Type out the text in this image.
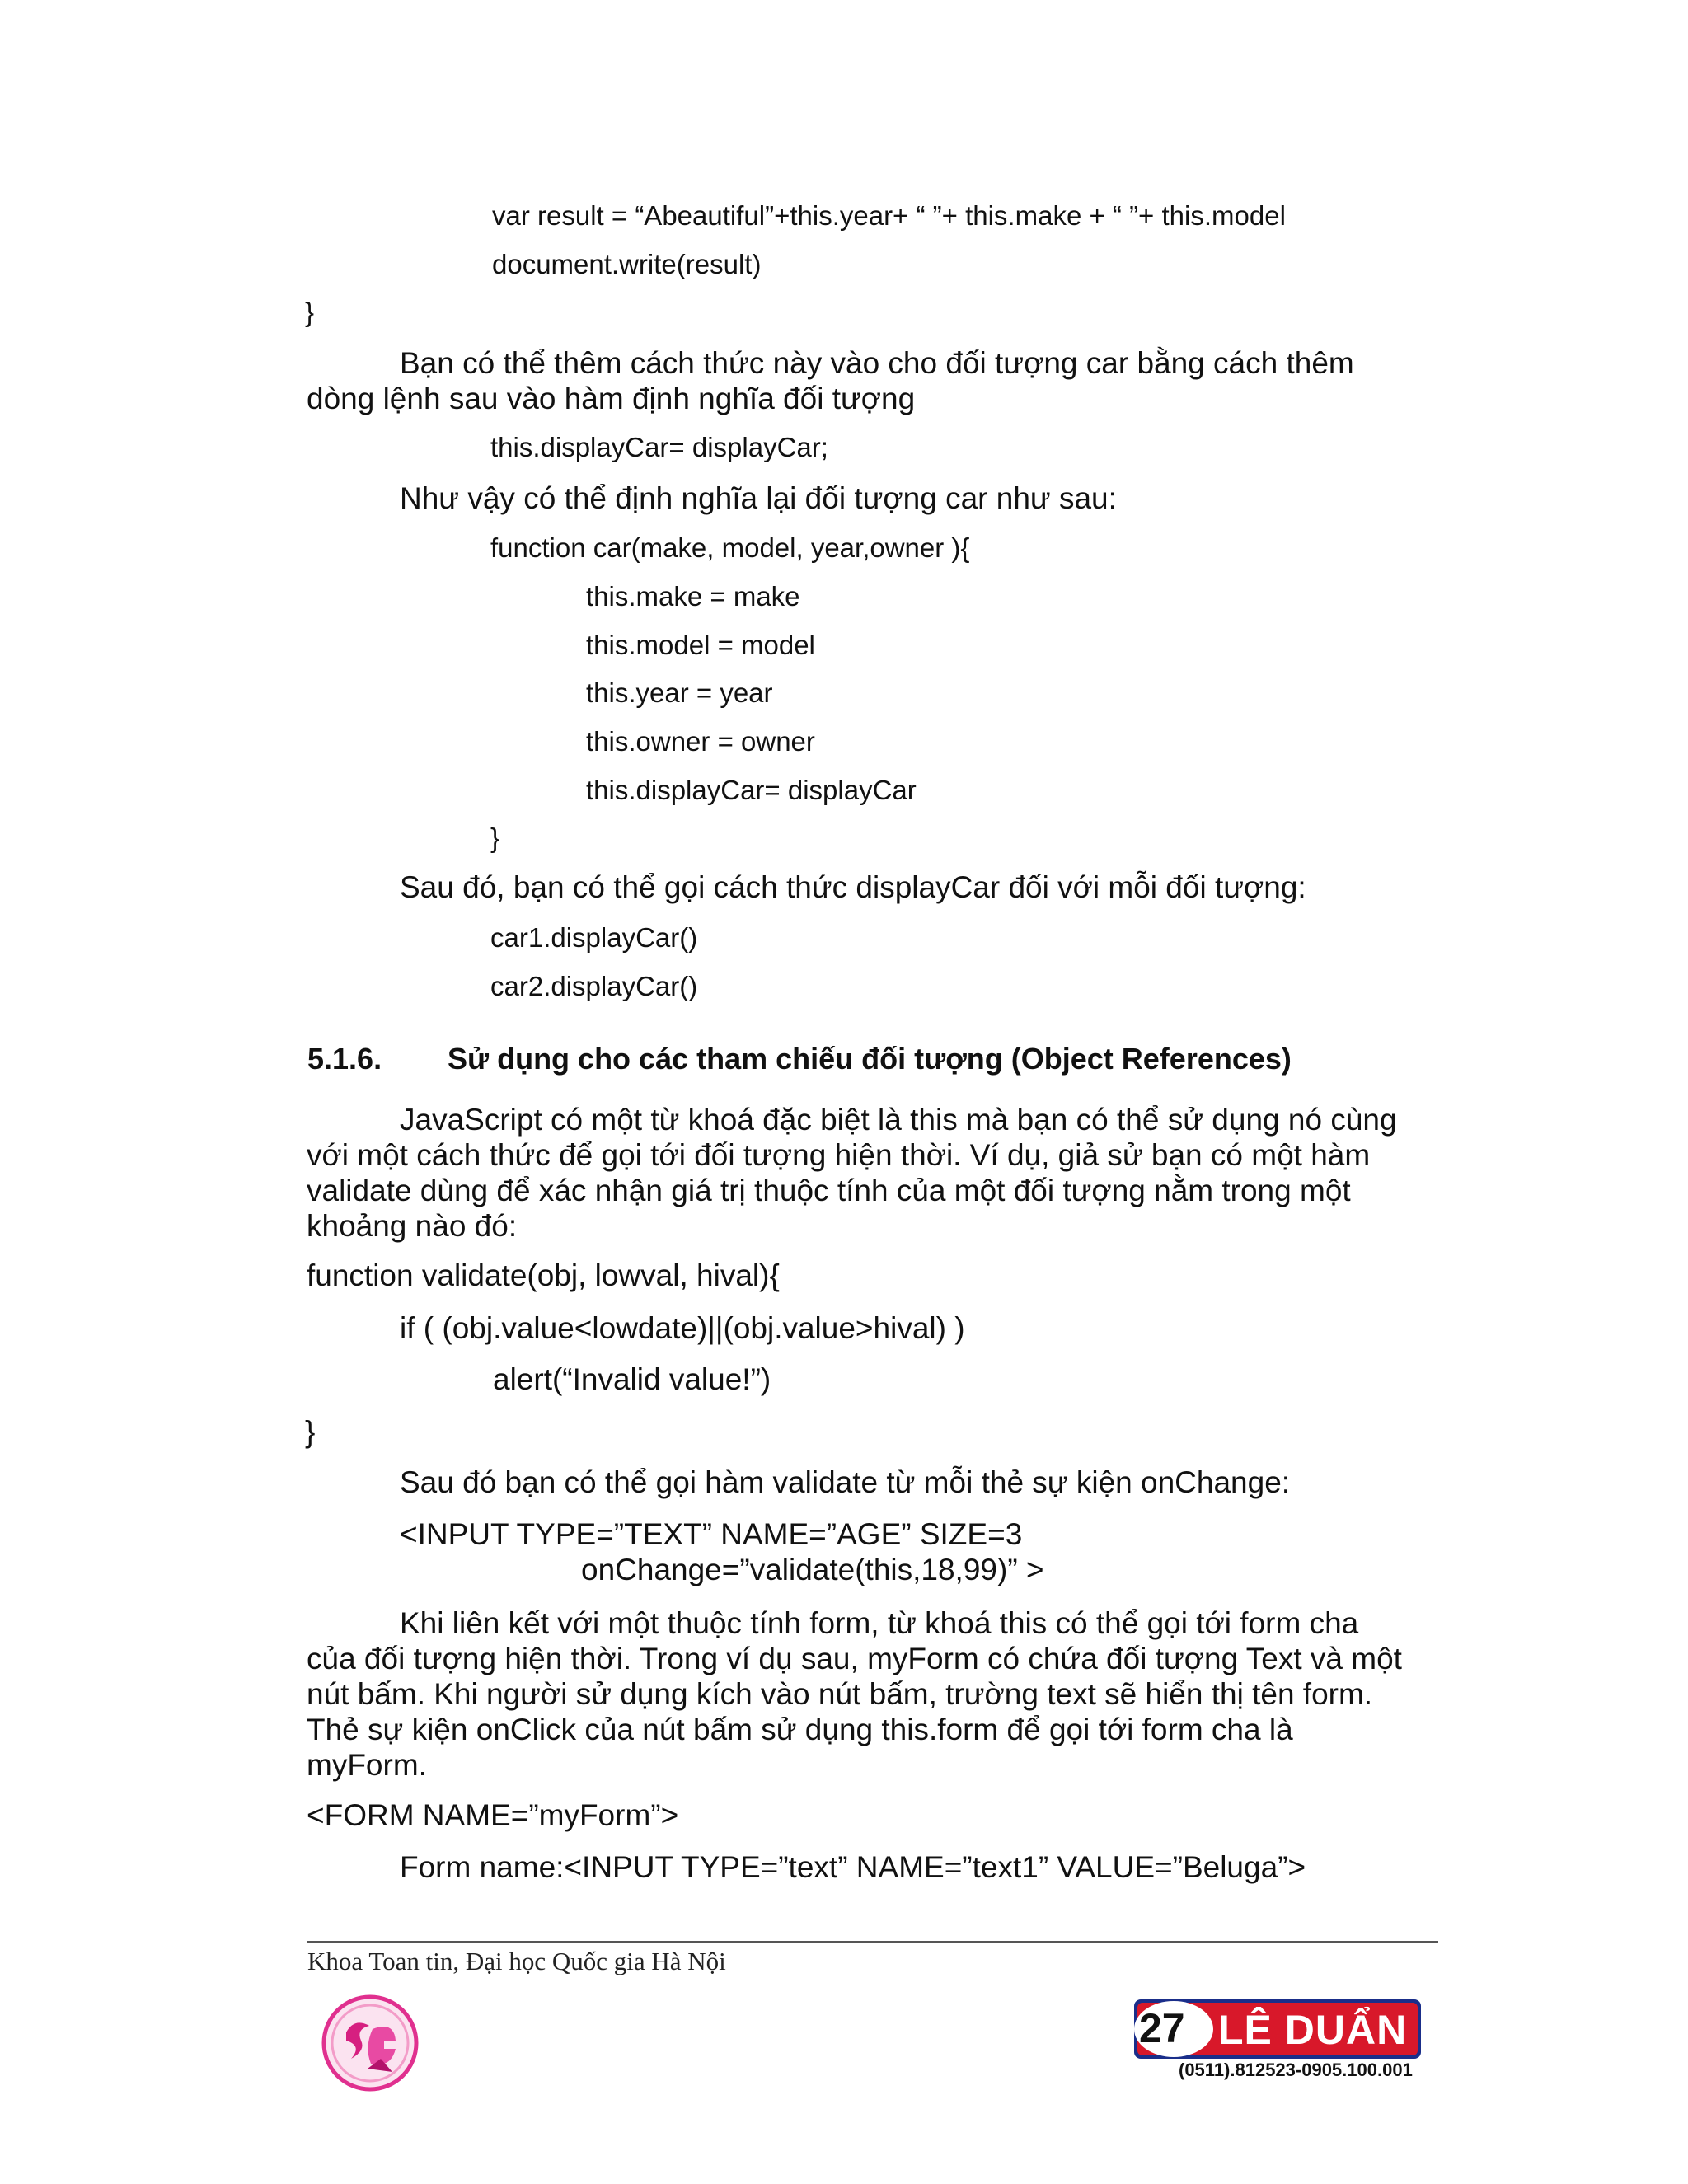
var result = “Abeautiful”+this.year+ “ ”+ this.make + “ ”+ this.model
document.write(result)
}
Bạn có thể thêm cách thức này vào cho đối tượng car bằng cách thêm
dòng lệnh sau vào hàm định nghĩa đối tượng
this.displayCar= displayCar;
Như vậy có thể định nghĩa lại đối tượng car như sau:
function car(make, model, year,owner ){
this.make = make
this.model = model
this.year = year
this.owner = owner
this.displayCar= displayCar
}
Sau đó, bạn có thể gọi cách thức displayCar đối với mỗi đối tượng:
car1.displayCar()
car2.displayCar()
5.1.6. Sử dụng cho các tham chiếu đối tượng (Object References)
JavaScript có một từ khoá đặc biệt là this mà bạn có thể sử dụng nó cùng
với một cách thức để gọi tới đối tượng hiện thời. Ví dụ, giả sử bạn có một hàm
validate dùng để xác nhận giá trị thuộc tính của một đối tượng nằm trong một
khoảng nào đó:
function validate(obj, lowval, hival){
if ( (obj.value<lowdate)||(obj.value>hival) )
alert(“Invalid value!”)
}
Sau đó bạn có thể gọi hàm validate từ mỗi thẻ sự kiện onChange:
<INPUT TYPE=”TEXT” NAME=”AGE” SIZE=3
onChange=”validate(this,18,99)” >
Khi liên kết với một thuộc tính form, từ khoá this có thể gọi tới form cha
của đối tượng hiện thời. Trong ví dụ sau, myForm có chứa đối tượng Text và một
nút bấm. Khi người sử dụng kích vào nút bấm, trường text sẽ hiển thị tên form.
Thẻ sự kiện onClick của nút bấm sử dụng this.form để gọi tới form cha là
myForm.
<FORM NAME=”myForm”>
Form name:<INPUT TYPE=”text” NAME=”text1” VALUE=”Beluga”>
Khoa Toan tin, Đại học Quốc gia Hà Nội
27 LÊ DUẨN
(0511).812523-0905.100.001
